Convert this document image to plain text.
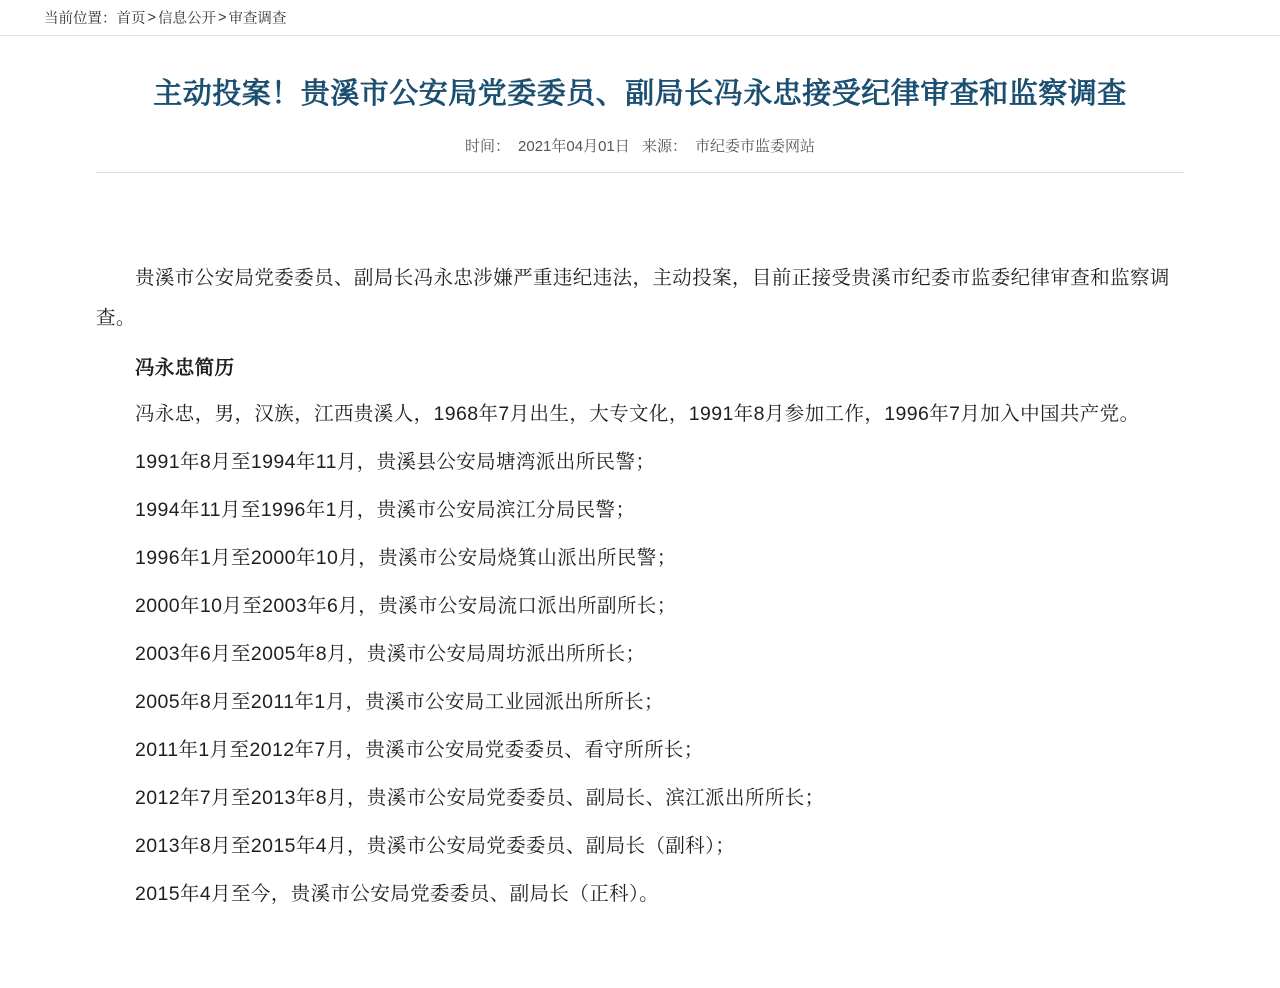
当前位置： 首页 > 信息公开 > 审查调查
主动投案！贵溪市公安局党委委员、副局长冯永忠接受纪律审查和监察调查
时间： 2021年04月01日 来源： 市纪委市监委网站

贵溪市公安局党委委员、副局长冯永忠涉嫌严重违纪违法，主动投案，目前正接受贵溪市纪委市监委纪律审查和监察调查。

冯永忠简历

冯永忠，男，汉族，江西贵溪人，1968年7月出生，大专文化，1991年8月参加工作，1996年7月加入中国共产党。

1991年8月至1994年11月，贵溪县公安局塘湾派出所民警；

1994年11月至1996年1月，贵溪市公安局滨江分局民警；

1996年1月至2000年10月，贵溪市公安局烧箕山派出所民警；

2000年10月至2003年6月，贵溪市公安局流口派出所副所长；

2003年6月至2005年8月，贵溪市公安局周坊派出所所长；

2005年8月至2011年1月，贵溪市公安局工业园派出所所长；

2011年1月至2012年7月，贵溪市公安局党委委员、看守所所长；

2012年7月至2013年8月，贵溪市公安局党委委员、副局长、滨江派出所所长；

2013年8月至2015年4月，贵溪市公安局党委委员、副局长（副科）；

2015年4月至今，贵溪市公安局党委委员、副局长（正科）。
